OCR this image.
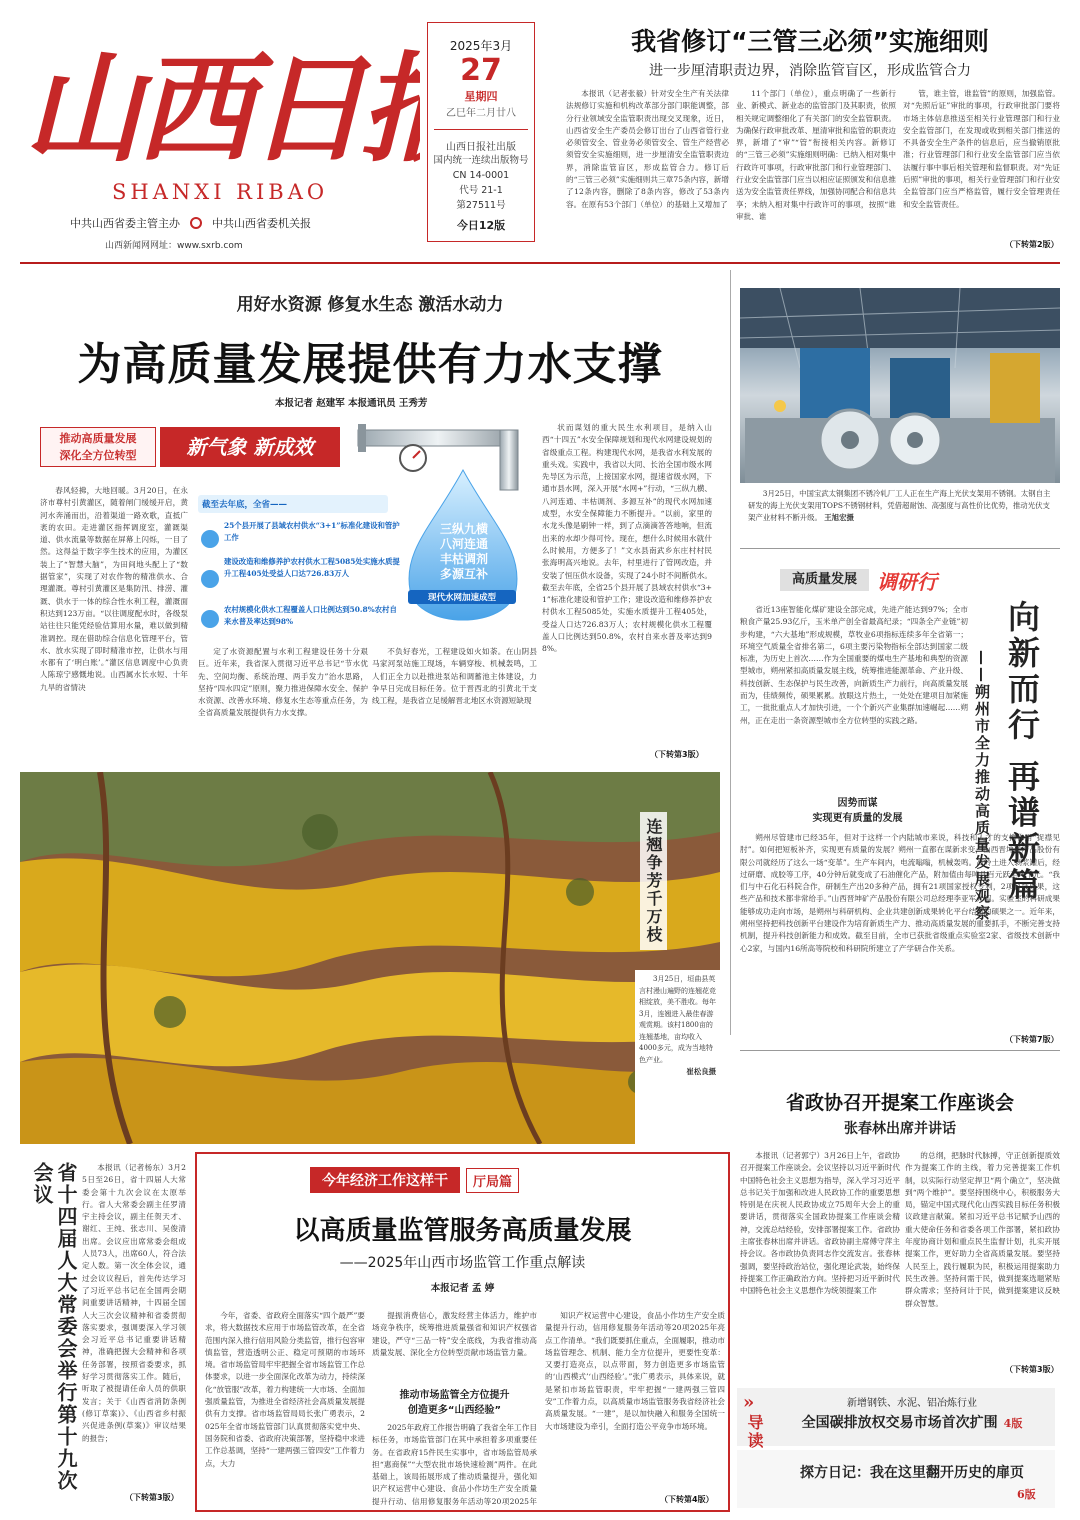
山西日
SHANXI RIBAO
中共山西省委主管主办	中共山西省委机关报
山西新闻网网址：www.sxrb.com
2025年3月
27
星期四
乙巳年二月廿八
山西日报社出版
国内统一连续出版物号
CN 14-0001
代号 21-1
第27511号
今日12版
我省修订“三管三必须”实施细则
进一步厘清职责边界，消除监管盲区，形成监管合力

本报讯（记者张毅）针对安全生产有关法律法规修订实施和机构改革部分部门职能调整，部分行业领域安全监管职责出现交叉现象，近日，山西省安全生产委员会修订出台了山西省管行业必须管安全、管业务必须管安全、管生产经营必须管安全实施细则，进一步厘清安全监管职责边界，消除监管盲区，形成监管合力。修订后的“三管三必须”实施细则共三章75条内容，新增了12条内容，删除了8条内容，修改了53条内容。在原有53个部门（单位）的基础上又增加了

11个部门（单位），重点明确了一些新行业、新模式、新业态的监管部门及其职责，依照相关规定调整细化了有关部门的安全监管职责。为确保行政审批改革、厘清审批和监管的职责边界，新增了“审”“管”衔接相关内容。新修订的“三管三必须”实施细则明确：已纳入相对集中行政许可事项，行政审批部门和行业管理部门、行业安全监管部门应当以相应证照颁发和信息推送为安全监管责任界线，加强协同配合和信息共享；未纳入相对集中行政许可的事项，按照“谁审批、谁

管，谁主管，谁监管”的原则，加强监管。对“先照后证”审批的事项，行政审批部门要将市场主体信息推送至相关行业管理部门和行业安全监管部门，在发现或收到相关部门推送的不具备安全生产条件的信息后，应当撤销原批准；行业管理部门和行业安全监管部门应当依法履行事中事后相关管理和监督职责。对“先证后照”审批的事项，相关行业管理部门和行业安全监管部门应当严格监管，履行安全管理责任和安全监管责任。

（下转第2版）
用好水资源 修复水生态 激活水动力
为高质量发展提供有力水支撑
本报记者 赵建军 本报通讯员 王秀芳
推动高质量发展
深化全方位转型	新气象 新成效

春风轻拂，大地回暖。3月20日，在永济市尊村引黄灌区，随着闸门缓缓开启，黄河水奔涌而出，沿着渠道一路欢歌，直抵广袤的农田。走进灌区指挥调度室，灌溉渠道、供水流量等数据在屏幕上闪烁，一目了然。这得益于数字孪生技术的应用，为灌区装上了“智慧大脑”，为田间地头配上了“数据管家”，实现了对农作物的精准供水、合理灌溉。尊村引黄灌区是集防汛、排涝、灌溉、供水于一体的综合性水利工程，灌溉面积达到123万亩。“以往调度配水时，各级泵站往往只能凭经验估算用水量，难以做到精准调控。现在借助综合信息化管理平台，管水、放水实现了即时精准市控，让供水与用水都有了‘明白账’。”灌区信息调度中心负责人陈琼宁感慨地说。山西属水长水短、十年九旱的省情决

定了水资源配置与水利工程建设任务十分艰巨。近年来，我省深入贯彻习近平总书记“节水优先、空间均衡、系统治理、两手发力”治水思路，坚持“四水四定”原则，聚力推进保障水安全、保护水资源、改善水环境、修复水生态等重点任务，为全省高质量发展提供有力水支撑。

不负好春光，工程建设如火如荼。在山阴县马家河泵站施工现场，车辆穿梭、机械轰鸣，工人们正全力以赴推进泵站和调蓄池主体建设，力争早日完成目标任务。位于晋西北的引黄北干支线工程，是我省立足缓解晋北地区水资源短缺现

状而谋划的重大民生水利项目，是纳入山西“十四五”水安全保障规划和现代水网建设规划的省级重点工程。构建现代水网，是我省水利发展的重头戏。实践中，我省以大同、长治全国市级水网先导区为示范，上接国家水网，提速省级水网，下通市县水网，深入开展“水网+”行动，“三纵九横、八河连通、丰枯调剂、多源互补”的现代水网加速成型，水安全保障能力不断提升。“以前，家里的水龙头像是刷钟一样，到了点滴滴答答地响，但流出来的水却少得可怜。现在，想什么时候用水就什么时候用，方便多了！”文水县南武乡东庄村村民张海明高兴地说。去年，村里进行了管网改造，并安装了恒压供水设备，实现了24小时不间断供水。截至去年底，全省25个县开展了县域农村供水“3+1”标准化建设和管护工作；建设改造和维修养护农村供水工程5085处，实施水质提升工程405处，受益人口达726.83万人；农村规模化供水工程覆盖人口比例达到50.8%，农村自来水普及率达到98%。

（下转第3版）
截至去年底，全省——
25个县开展了县域农村供水“3+1”标准化建设和管护工作
建设改造和维修养护农村供水工程5085处实施水质提升工程405处受益人口达726.83万人
农村规模化供水工程覆盖人口比例达到50.8%农村自来水普及率达到98%
三纵九横
八河连通
丰枯调剂
多源互补
现代水网加速成型
3月25日，中国宝武太钢集团不锈冷轧厂工人正在生产海上光伏支架用不锈钢。太钢自主研发的海上光伏支架用TOPS不锈钢材料，凭借超耐蚀、高强度与高性价比优势，推动光伏支架产业材料不断升级。 王旭宏摄
高质量发展	调研行

省近13座智能化煤矿建设全部完成，先进产能达到97%；全市粮食产量25.93亿斤，玉米单产创全省最高纪录；“四条全产业链”初步构建，“六大基地”形成规模，草牧业6项指标连续多年全省第一；环境空气质量全省排名第二，6项主要污染物指标全部达到国家二级标准，为历史上首次……作为全国重要的煤电生产基地和典型的资源型城市，朔州紧扣高质量发展主线，统筹推进能源革命、产业升级、科技创新、生态保护与民生改善，向新质生产力前行，向高质量发展而为，佳绩频传，硕果累累。放眼这片热土，一处处在建项目加紧施工，一批批重点人才加快引进，一个个新兴产业集群加速崛起……朔州，正在走出一条资源型城市全方位转型的实践之路。	向新而行 再谱新篇
——朔州市全力推动高质量发展观察
因势而谋
实现更有质量的发展

朔州尽管建市已经35年，但对于这样一个内陆城市来说，科技和人才的支撑作用“捉襟见肘”。如何把短板补齐，实现更有质量的发展？朔州一直都在谋新求变，山西晋坤矿产品股份有限公司就经历了这么一场“变革”。生产车间内，电流嗡嗡，机械轰鸣。高岭土进入剥浆罐后，经过研磨、成胶等工序，40分钟后就变成了石油催化产品，附加值由每吨几百元跃至几千元。“我们与中石化石科院合作，研制生产出20多种产品，拥有21项国家授权专利，2项科技成果，这些产品和技术都非常给手。”山西晋坤矿产品股份有限公司总经理李亚军介绍。实验室的科研成果能够成功走向市场，是朔州与科研机构、企业共建创新成果转化平台结出的硕果之一。近年来，朔州坚持把科技创新平台建设作为培育新质生产力、推动高质量发展的重要抓手，不断完善支持机制，提升科技创新能力和成效。截至目前，全市已获批省级重点实验室2家、省级技术创新中心2家，与国内16所高等院校和科研院所建立了产学研合作关系。

（下转第7版）
连翘争芳千万枝
3月25日，垣曲县英言村漫山遍野的连翘花竞相绽放，美不胜收。每年3月，连翘进入最佳春游观赏期。该村1800亩的连翘基地，亩均收入4000多元，成为当地特色产业。
崔松良摄
省政协召开提案工作座谈会
张春林出席并讲话

本报讯（记者郭宁）3月26日上午，省政协召开提案工作座谈会。会议坚持以习近平新时代中国特色社会主义思想为指导，深入学习习近平总书记关于加强和改进人民政协工作的重要思想特别是在庆祝人民政协成立75周年大会上的重要讲话，贯彻落实全国政协提案工作座谈会精神，交流总结经验，安排部署提案工作。省政协主席张春林出席并讲话。省政协副主席傅守萍主持会议。各市政协负责同志作交流发言。张春林强调，要坚持政治站位，强化理论武装，始终保持提案工作正确政治方向。坚持把习近平新时代中国特色社会主义思想作为统领提案工作

的总纲，把脉时代脉搏，守正创新提质效作为提案工作的主线，着力完善提案工作机制，以实际行动坚定捍卫“两个确立”，坚决做到“两个维护”。要坚持围绕中心，积极服务大局，锚定中国式现代化山西实践目标任务积极议政建言献策。紧扣习近平总书记赋予山西的重大使命任务和省委各项工作部署，紧扣政协年度协商计划和重点民生监督计划，扎实开展提案工作，更好助力全省高质量发展。要坚持人民至上，践行履职为民，积极运用提案助力民生改善。坚持问需于民，做到提案选题紧贴群众需求；坚持问计于民，做到提案建议反映群众智慧。

（下转第3版）
省十四届人大常委会举行第十九次会议	本报讯（记者杨东）3月25日至26日，省十四届人大常委会第十九次会议在太原举行。省人大常委会副主任罗清宇主持会议，副主任贺天才、谢红、王纯、张志川、吴俊清出席。会议应出席常委会组成人员73人，出席60人，符合法定人数。第一次全体会议，通过会议议程后，首先传达学习了习近平总书记在全国两会期间重要讲话精神，十四届全国人大三次会议精神和省委贯彻落实要求，强调要深入学习领会习近平总书记重要讲话精神，准确把握大会精神和各项任务部署，按照省委要求，抓好学习贯彻落实工作。随后，听取了被提请任命人员的供职发言；关于《山西省消防条例(修订草案)》、《山西省乡村振兴促进条例(草案)》审议结果的报告；

（下转第3版）
今年经济工作这样干	厅局篇
以高质量监管服务高质量发展
——2025年山西市场监管工作重点解读
本报记者 孟 婷

今年，省委、省政府全面落实“四个最严”要求，将大数据技术应用于市场监管改革，在全省范围内深入推行信用风险分类监管，推行包容审慎监管，营造透明公正、稳定可预期的市场环境。省市场监管局牢牢把握全省市场监管工作总体要求，以进一步全面深化改革为动力，持续深化“放管服”改革，着力构建统一大市场、全面加强质量监管，为推进全省经济社会高质量发展提供有力支撑。省市场监管局局长张广勇表示，2025年全省市场监管部门认真贯彻落实党中央、国务院和省委、省政府决策部署，坚持稳中求进工作总基调，坚持“一建两强三管四安”工作着力点，大力

提振消费信心，激发经营主体活力，维护市场竞争秩序，统筹推进质量强省和知识产权强省建设，严守“三品一特”安全底线，为我省推动高质量发展、深化全方位转型贡献市场监管力量。

推动市场监管全方位提升
创造更多“山西经验”

2025年政府工作报告明确了我省全年工作目标任务，市场监管部门在其中承担着多项重要任务。在省政府15件民生实事中，省市场监管局承担“惠商保”“大型农批市场快速检测”两件。在此基础上，该局拓展形成了推动质量提升，强化知识产权运营中心建设、食品小作坊生产安全质量提升行动、信用修复服务年活动等20项2025年

知识产权运营中心建设，食品小作坊生产安全质量提升行动，信用修复服务年活动等20项2025年亮点工作清单。“我们既要抓住重点，全面履职，推动市场监管理念、机制、能力全方位提升，更要性变革：又要打造亮点，以点带面，努力创造更多市场监管的‘山西模式’‘山西经验’。”张广勇表示，具体来说，就是紧扣市场监管职责，牢牢把握“一建两强三管四安”工作着力点，以高质量市场监管服务我省经济社会高质量发展。“一建”，是以加快融入和服务全国统一大市场建设为牵引，全面打造公平竞争市场环境。

（下转第4版）
»
导读
新增钢铁、水泥、铝冶炼行业
全国碳排放权交易市场首次扩围 4版
探方日记：我在这里翻开历史的扉页
6版
